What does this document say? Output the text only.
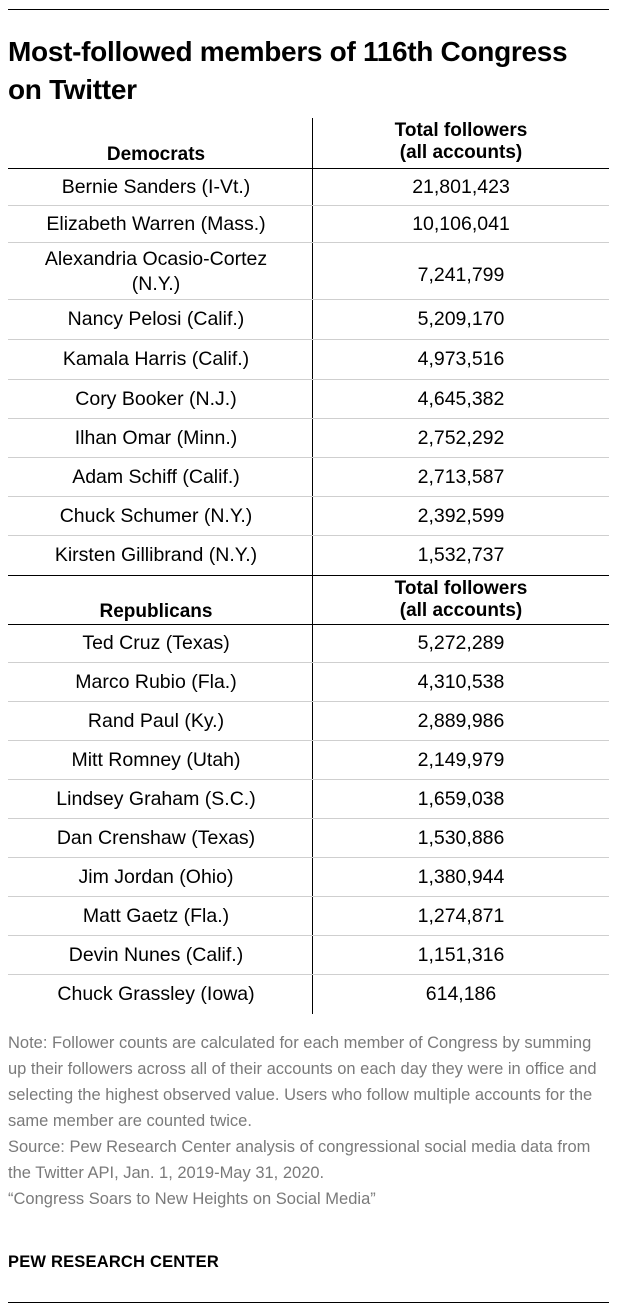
Most-followed members of 116th Congress on Twitter
Democrats
Total followers
(all accounts)
Bernie Sanders (I-Vt.)	21,801,423
Elizabeth Warren (Mass.)	10,106,041
Alexandria Ocasio-Cortez
(N.Y.)	7,241,799
Nancy Pelosi (Calif.)	5,209,170
Kamala Harris (Calif.)	4,973,516
Cory Booker (N.J.)	4,645,382
Ilhan Omar (Minn.)	2,752,292
Adam Schiff (Calif.)	2,713,587
Chuck Schumer (N.Y.)	2,392,599
Kirsten Gillibrand (N.Y.)	1,532,737
Republicans
Total followers
(all accounts)
Ted Cruz (Texas)	5,272,289
Marco Rubio (Fla.)	4,310,538
Rand Paul (Ky.)	2,889,986
Mitt Romney (Utah)	2,149,979
Lindsey Graham (S.C.)	1,659,038
Dan Crenshaw (Texas)	1,530,886
Jim Jordan (Ohio)	1,380,944
Matt Gaetz (Fla.)	1,274,871
Devin Nunes (Calif.)	1,151,316
Chuck Grassley (Iowa)	614,186
Note: Follower counts are calculated for each member of Congress by summing up their followers across all of their accounts on each day they were in office and selecting the highest observed value. Users who follow multiple accounts for the same member are counted twice.
Source: Pew Research Center analysis of congressional social media data from the Twitter API, Jan. 1, 2019-May 31, 2020.
“Congress Soars to New Heights on Social Media”
PEW RESEARCH CENTER
